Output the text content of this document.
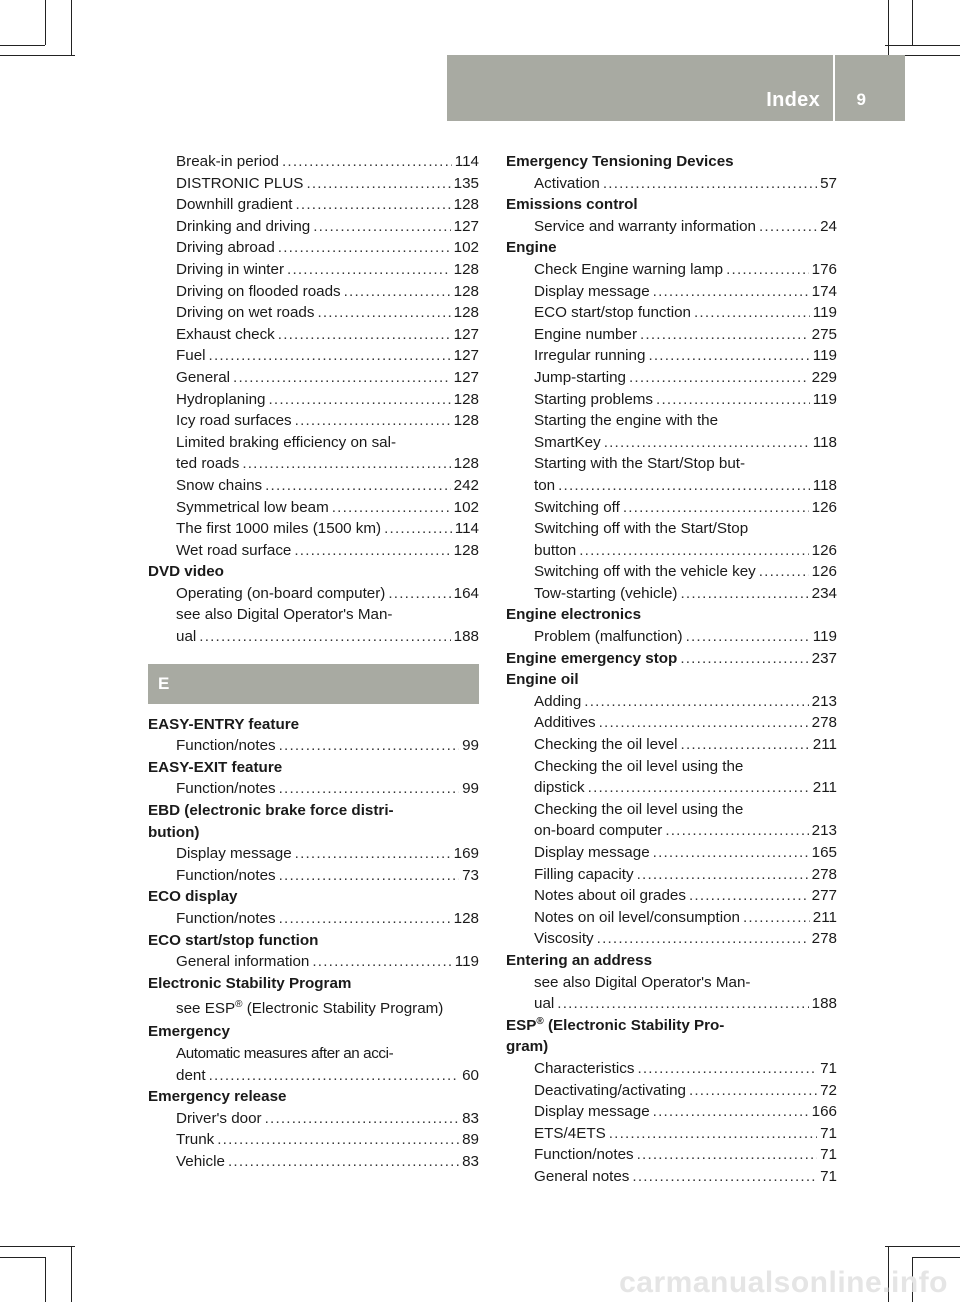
Index 9
Break-in period .....	114
DISTRONIC PLUS .....	135
Downhill gradient .....	128
Drinking and driving .....	127
Driving abroad .....	102
Driving in winter .....	128
Driving on flooded roads .....	128
Driving on wet roads .....	128
Exhaust check .....	127
Fuel .....	127
General .....	127
Hydroplaning .....	128
Icy road surfaces .....	128
Limited braking efficiency on sal-
ted roads .....	128
Snow chains .....	242
Symmetrical low beam .....	102
The first 1000 miles (1500 km) .....	114
Wet road surface .....	128
DVD video
Operating (on-board computer) .....	164
see also Digital Operator's Man-
ual .....	188
E
EASY-ENTRY feature
Function/notes .....	99
EASY-EXIT feature
Function/notes .....	99
EBD (electronic brake force distri-
bution)
Display message .....	169
Function/notes .....	73
ECO display
Function/notes .....	128
ECO start/stop function
General information .....	119
Electronic Stability Program
see ESP® (Electronic Stability Program)
Emergency
Automatic measures after an acci-
dent .....	60
Emergency release
Driver's door .....	83
Trunk .....	89
Vehicle .....	83
Emergency Tensioning Devices
Activation .....	57
Emissions control
Service and warranty information .....	24
Engine
Check Engine warning lamp .....	176
Display message .....	174
ECO start/stop function .....	119
Engine number .....	275
Irregular running .....	119
Jump-starting .....	229
Starting problems .....	119
Starting the engine with the
SmartKey .....	118
Starting with the Start/Stop but-
ton .....	118
Switching off .....	126
Switching off with the Start/Stop
button .....	126
Switching off with the vehicle key .....	126
Tow-starting (vehicle) .....	234
Engine electronics
Problem (malfunction) .....	119
Engine emergency stop .....	237
Engine oil
Adding .....	213
Additives .....	278
Checking the oil level .....	211
Checking the oil level using the
dipstick .....	211
Checking the oil level using the
on-board computer .....	213
Display message .....	165
Filling capacity .....	278
Notes about oil grades .....	277
Notes on oil level/consumption .....	211
Viscosity .....	278
Entering an address
see also Digital Operator's Man-
ual .....	188
ESP® (Electronic Stability Pro-
gram)
Characteristics .....	71
Deactivating/activating .....	72
Display message .....	166
ETS/4ETS .....	71
Function/notes .....	71
General notes .....	71
carmanualsonline.info
